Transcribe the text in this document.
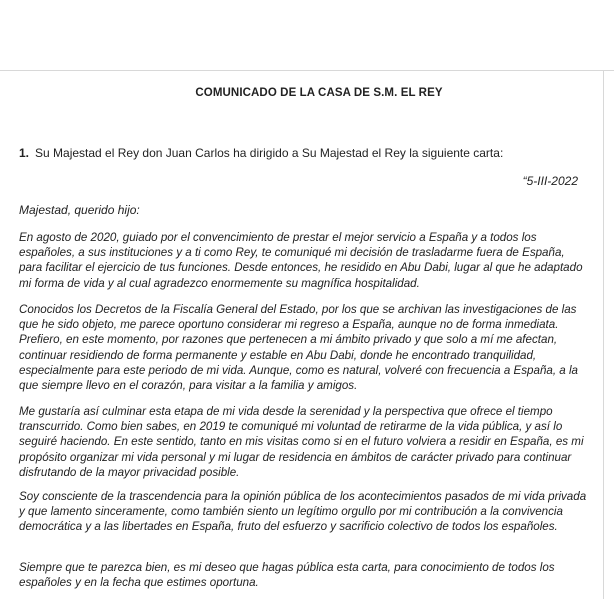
COMUNICADO DE LA CASA DE S.M. EL REY
1. Su Majestad el Rey don Juan Carlos ha dirigido a Su Majestad el Rey la siguiente carta:
“5-III-2022
Majestad, querido hijo:

En agosto de 2020, guiado por el convencimiento de prestar el mejor servicio a España y a todos los españoles, a sus instituciones y a ti como Rey, te comuniqué mi decisión de trasladarme fuera de España, para facilitar el ejercicio de tus funciones. Desde entonces, he residido en Abu Dabi, lugar al que he adaptado mi forma de vida y al cual agradezco enormemente su magnífica hospitalidad.

Conocidos los Decretos de la Fiscalía General del Estado, por los que se archivan las investigaciones de las que he sido objeto, me parece oportuno considerar mi regreso a España, aunque no de forma inmediata. Prefiero, en este momento, por razones que pertenecen a mi ámbito privado y que solo a mí me afectan, continuar residiendo de forma permanente y estable en Abu Dabi, donde he encontrado tranquilidad, especialmente para este periodo de mi vida. Aunque, como es natural, volveré con frecuencia a España, a la que siempre llevo en el corazón, para visitar a la familia y amigos.

Me gustaría así culminar esta etapa de mi vida desde la serenidad y la perspectiva que ofrece el tiempo transcurrido. Como bien sabes, en 2019 te comuniqué mi voluntad de retirarme de la vida pública, y así lo seguiré haciendo. En este sentido, tanto en mis visitas como si en el futuro volviera a residir en España, es mi propósito organizar mi vida personal y mi lugar de residencia en ámbitos de carácter privado para continuar disfrutando de la mayor privacidad posible.

Soy consciente de la trascendencia para la opinión pública de los acontecimientos pasados de mi vida privada y que lamento sinceramente, como también siento un legítimo orgullo por mi contribución a la convivencia democrática y a las libertades en España, fruto del esfuerzo y sacrificio colectivo de todos los españoles.

Siempre que te parezca bien, es mi deseo que hagas pública esta carta, para conocimiento de todos los españoles y en la fecha que estimes oportuna.
